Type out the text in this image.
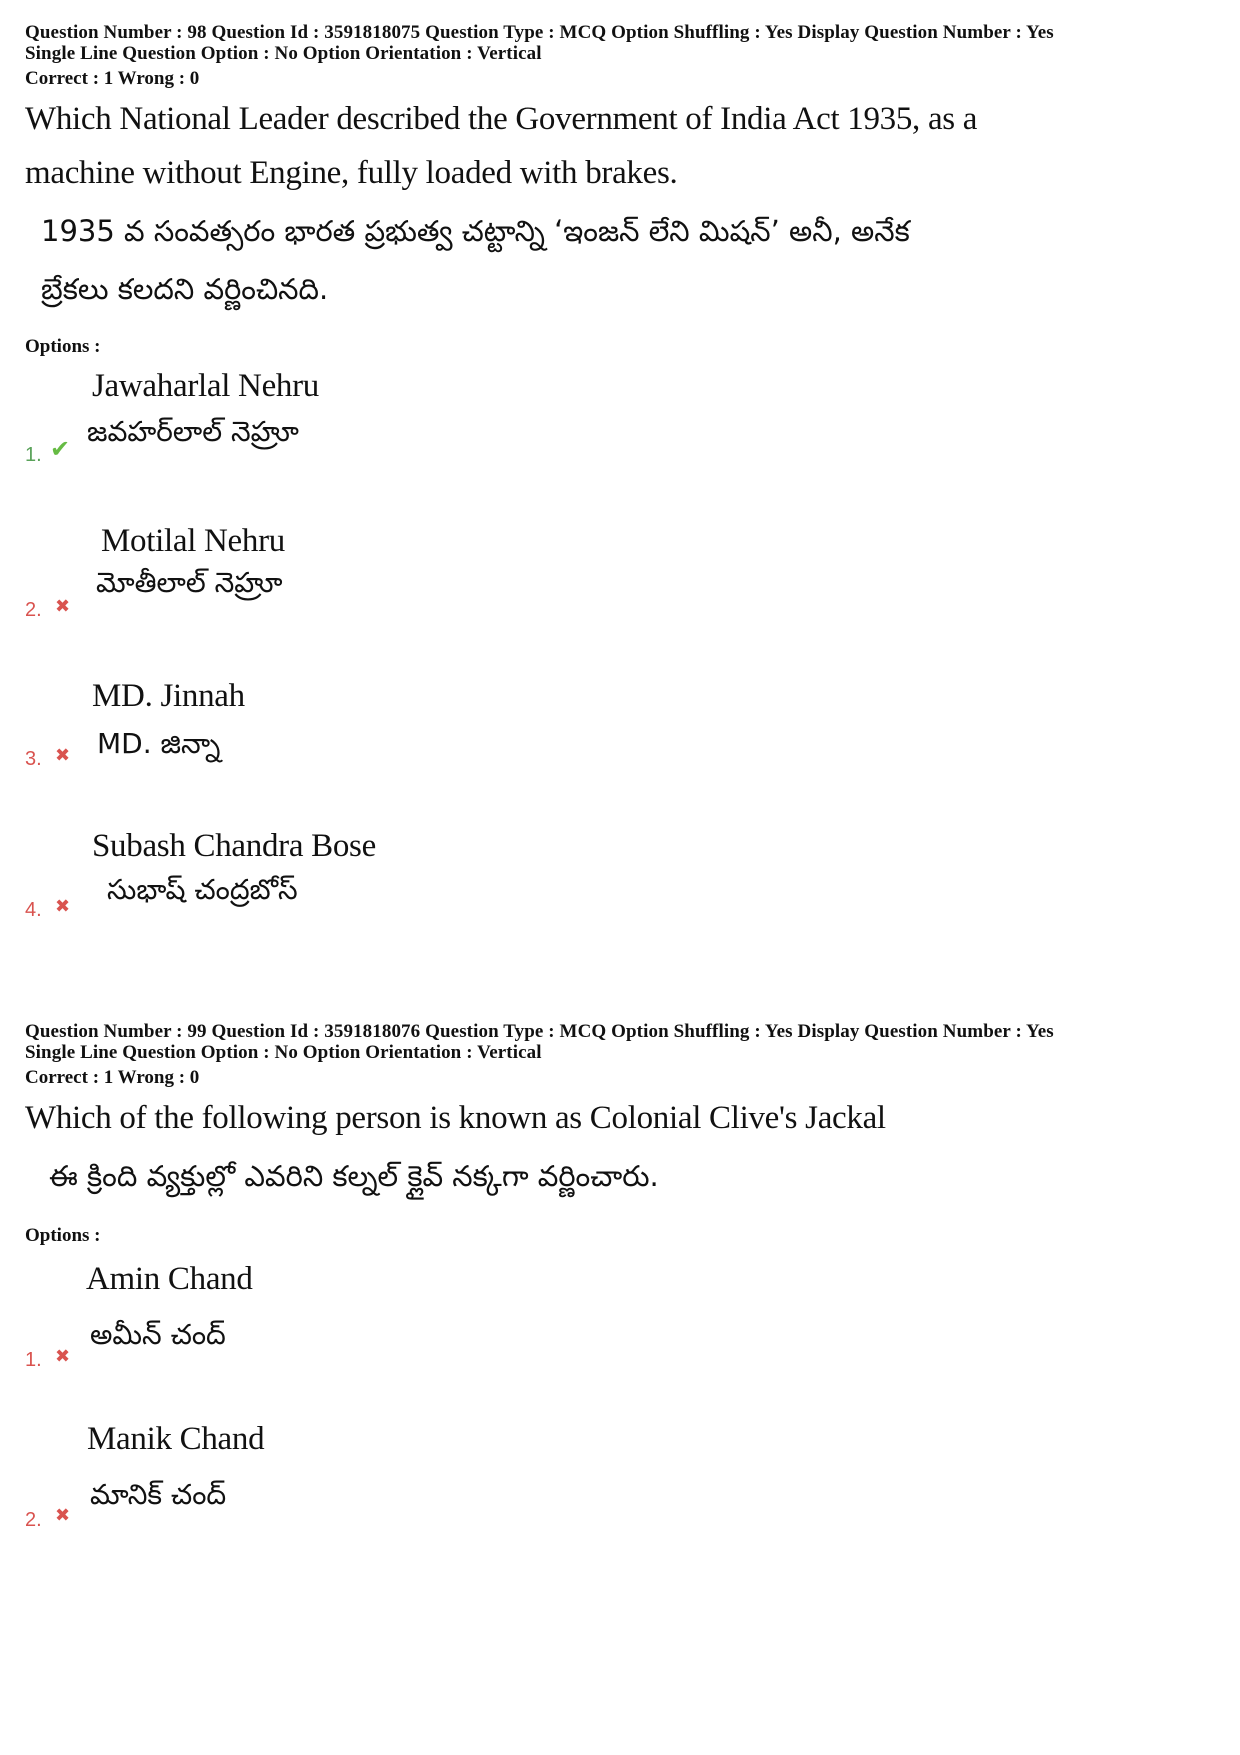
Question Number : 98 Question Id : 3591818075 Question Type : MCQ Option Shuffling : Yes Display Question Number : Yes
Single Line Question Option : No Option Orientation : Vertical
Correct : 1 Wrong : 0
Which National Leader described the Government of India Act 1935, as a
machine without Engine, fully loaded with brakes.
1935 వ సంవత్సరం భారత ప్రభుత్వ చట్టాన్ని ‘ఇంజన్ లేని మిషన్’ అనీ, అనేక
బ్రేకలు కలదని వర్ణించినది.
Options :
Jawaharlal Nehru
జవహర్‌లాల్ నెహ్రూ
1. ✔
Motilal Nehru
మోతీలాల్ నెహ్రూ
2. ✖
MD. Jinnah
MD. జిన్నా
3. ✖
Subash Chandra Bose
సుభాష్ చంద్రబోస్
4. ✖
Question Number : 99 Question Id : 3591818076 Question Type : MCQ Option Shuffling : Yes Display Question Number : Yes
Single Line Question Option : No Option Orientation : Vertical
Correct : 1 Wrong : 0
Which of the following person is known as Colonial Clive's Jackal
ఈ క్రింది వ్యక్తుల్లో ఎవరిని కల్నల్ క్లైవ్ నక్కగా వర్ణించారు.
Options :
Amin Chand
అమీన్ చంద్
1. ✖
Manik Chand
మానిక్ చంద్
2. ✖
